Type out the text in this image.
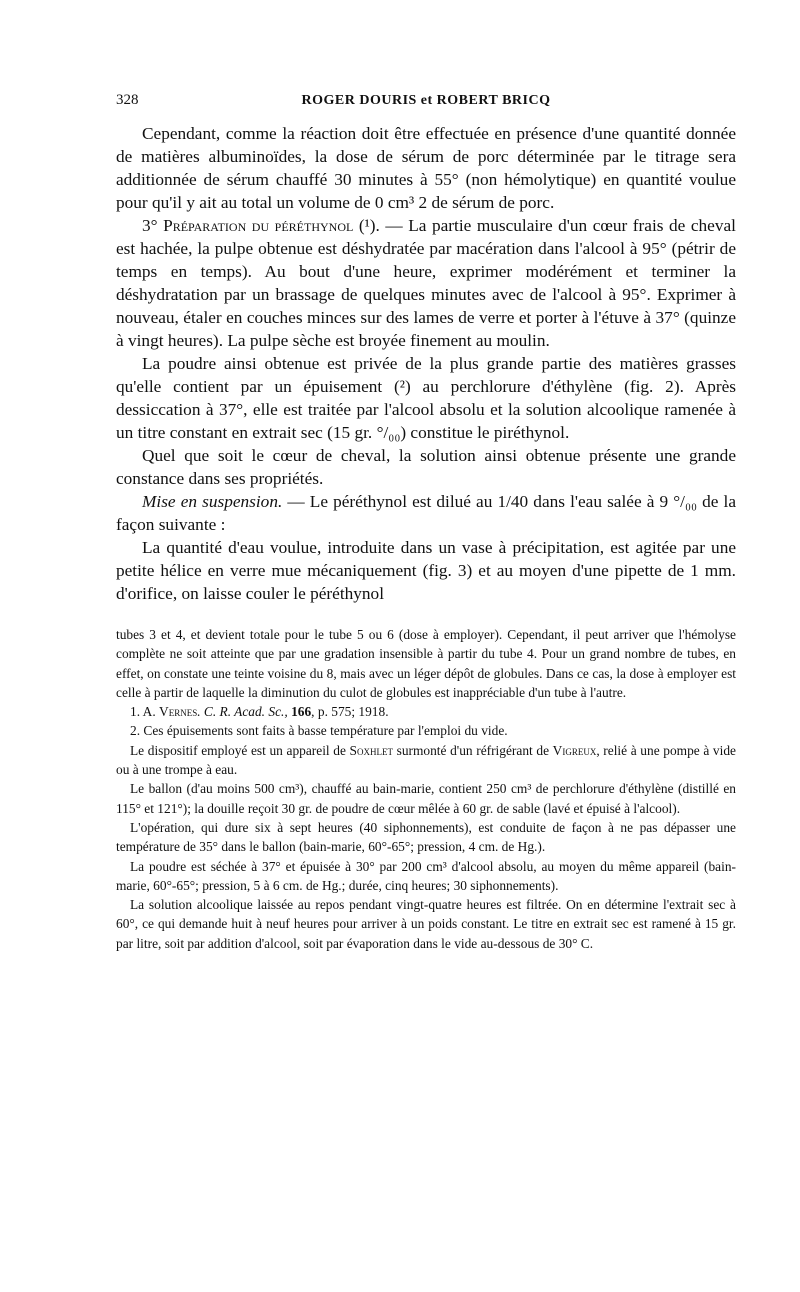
328	ROGER DOURIS et ROBERT BRICQ

Cependant, comme la réaction doit être effectuée en présence d'une quantité donnée de matières albuminoïdes, la dose de sérum de porc déterminée par le titrage sera additionnée de sérum chauffé 30 minutes à 55° (non hémolytique) en quantité voulue pour qu'il y ait au total un volume de 0 cm³ 2 de sérum de porc.

3° Préparation du péréthynol (¹). — La partie musculaire d'un cœur frais de cheval est hachée, la pulpe obtenue est déshydratée par macération dans l'alcool à 95° (pétrir de temps en temps). Au bout d'une heure, exprimer modérément et terminer la déshydratation par un brassage de quelques minutes avec de l'alcool à 95°. Exprimer à nouveau, étaler en couches minces sur des lames de verre et porter à l'étuve à 37° (quinze à vingt heures). La pulpe sèche est broyée finement au moulin.

La poudre ainsi obtenue est privée de la plus grande partie des matières grasses qu'elle contient par un épuisement (²) au perchlorure d'éthylène (fig. 2). Après dessiccation à 37°, elle est traitée par l'alcool absolu et la solution alcoolique ramenée à un titre constant en extrait sec (15 gr. °/₀₀) constitue le piréthynol.

Quel que soit le cœur de cheval, la solution ainsi obtenue présente une grande constance dans ses propriétés.

Mise en suspension. — Le péréthynol est dilué au 1/40 dans l'eau salée à 9 °/₀₀ de la façon suivante :

La quantité d'eau voulue, introduite dans un vase à précipitation, est agitée par une petite hélice en verre mue mécaniquement (fig. 3) et au moyen d'une pipette de 1 mm. d'orifice, on laisse couler le péréthynol

tubes 3 et 4, et devient totale pour le tube 5 ou 6 (dose à employer). Cependant, il peut arriver que l'hémolyse complète ne soit atteinte que par une gradation insensible à partir du tube 4. Pour un grand nombre de tubes, en effet, on constate une teinte voisine du 8, mais avec un léger dépôt de globules. Dans ce cas, la dose à employer est celle à partir de laquelle la diminution du culot de globules est inappréciable d'un tube à l'autre.

1. A. Vernes. C. R. Acad. Sc., 166, p. 575; 1918.

2. Ces épuisements sont faits à basse température par l'emploi du vide.

Le dispositif employé est un appareil de Soxhlet surmonté d'un réfrigérant de Vigreux, relié à une pompe à vide ou à une trompe à eau.

Le ballon (d'au moins 500 cm³), chauffé au bain-marie, contient 250 cm³ de perchlorure d'éthylène (distillé en 115° et 121°); la douille reçoit 30 gr. de poudre de cœur mêlée à 60 gr. de sable (lavé et épuisé à l'alcool).

L'opération, qui dure six à sept heures (40 siphonnements), est conduite de façon à ne pas dépasser une température de 35° dans le ballon (bain-marie, 60°-65°; pression, 4 cm. de Hg.).

La poudre est séchée à 37° et épuisée à 30° par 200 cm³ d'alcool absolu, au moyen du même appareil (bain-marie, 60°-65°; pression, 5 à 6 cm. de Hg.; durée, cinq heures; 30 siphonnements).

La solution alcoolique laissée au repos pendant vingt-quatre heures est filtrée. On en détermine l'extrait sec à 60°, ce qui demande huit à neuf heures pour arriver à un poids constant. Le titre en extrait sec est ramené à 15 gr. par litre, soit par addition d'alcool, soit par évaporation dans le vide au-dessous de 30° C.
